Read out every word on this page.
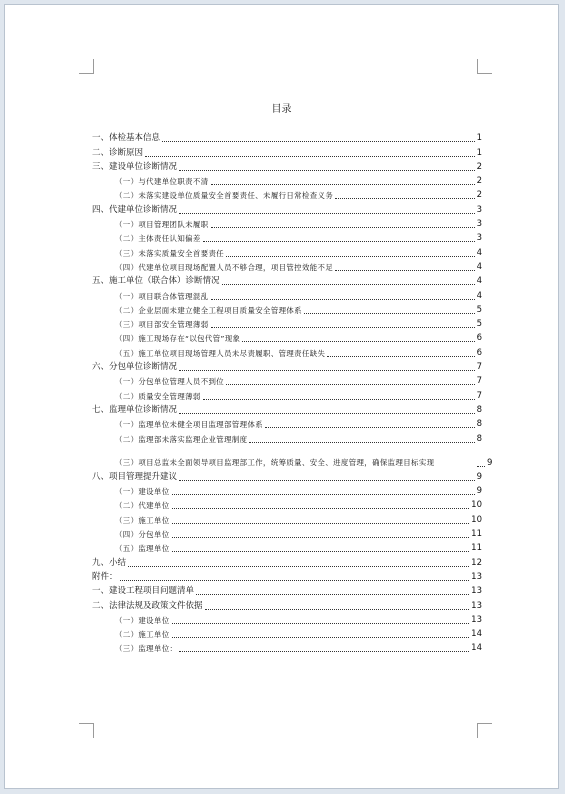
目录
一、体检基本信息	1
二、诊断原因	1
三、建设单位诊断情况	2
（一）与代建单位职责不清	2
（二）未落实建设单位质量安全首要责任、未履行日常检查义务	2
四、代建单位诊断情况	3
（一）项目管理团队未履职	3
（二）主体责任认知偏差	3
（三）未落实质量安全首要责任	4
（四）代建单位项目现场配置人员不够合理，项目管控效能不足	4
五、施工单位（联合体）诊断情况	4
（一）项目联合体管理混乱	4
（二）企业层面未建立健全工程项目质量安全管理体系	5
（三）项目部安全管理薄弱	5
（四）施工现场存在“以包代管”现象	6
（五）施工单位项目现场管理人员未尽责履职、管理责任缺失	6
六、分包单位诊断情况	7
（一）分包单位管理人员不到位	7
（二）质量安全管理薄弱	7
七、监理单位诊断情况	8
（一）监理单位未健全项目监理部管理体系	8
（二）监理部未落实监理企业管理制度	8
（三）项目总监未全面领导项目监理部工作，统筹质量、安全、进度管理，确保监理目标实现	9
八、项目管理提升建议	9
（一）建设单位	9
（二）代建单位	10
（三）施工单位	10
（四）分包单位	11
（五）监理单位	11
九、小结	12
附件：	13
一、建设工程项目问题清单	13
二、法律法规及政策文件依据	13
（一）建设单位	13
（二）施工单位	14
（三）监理单位：	14
